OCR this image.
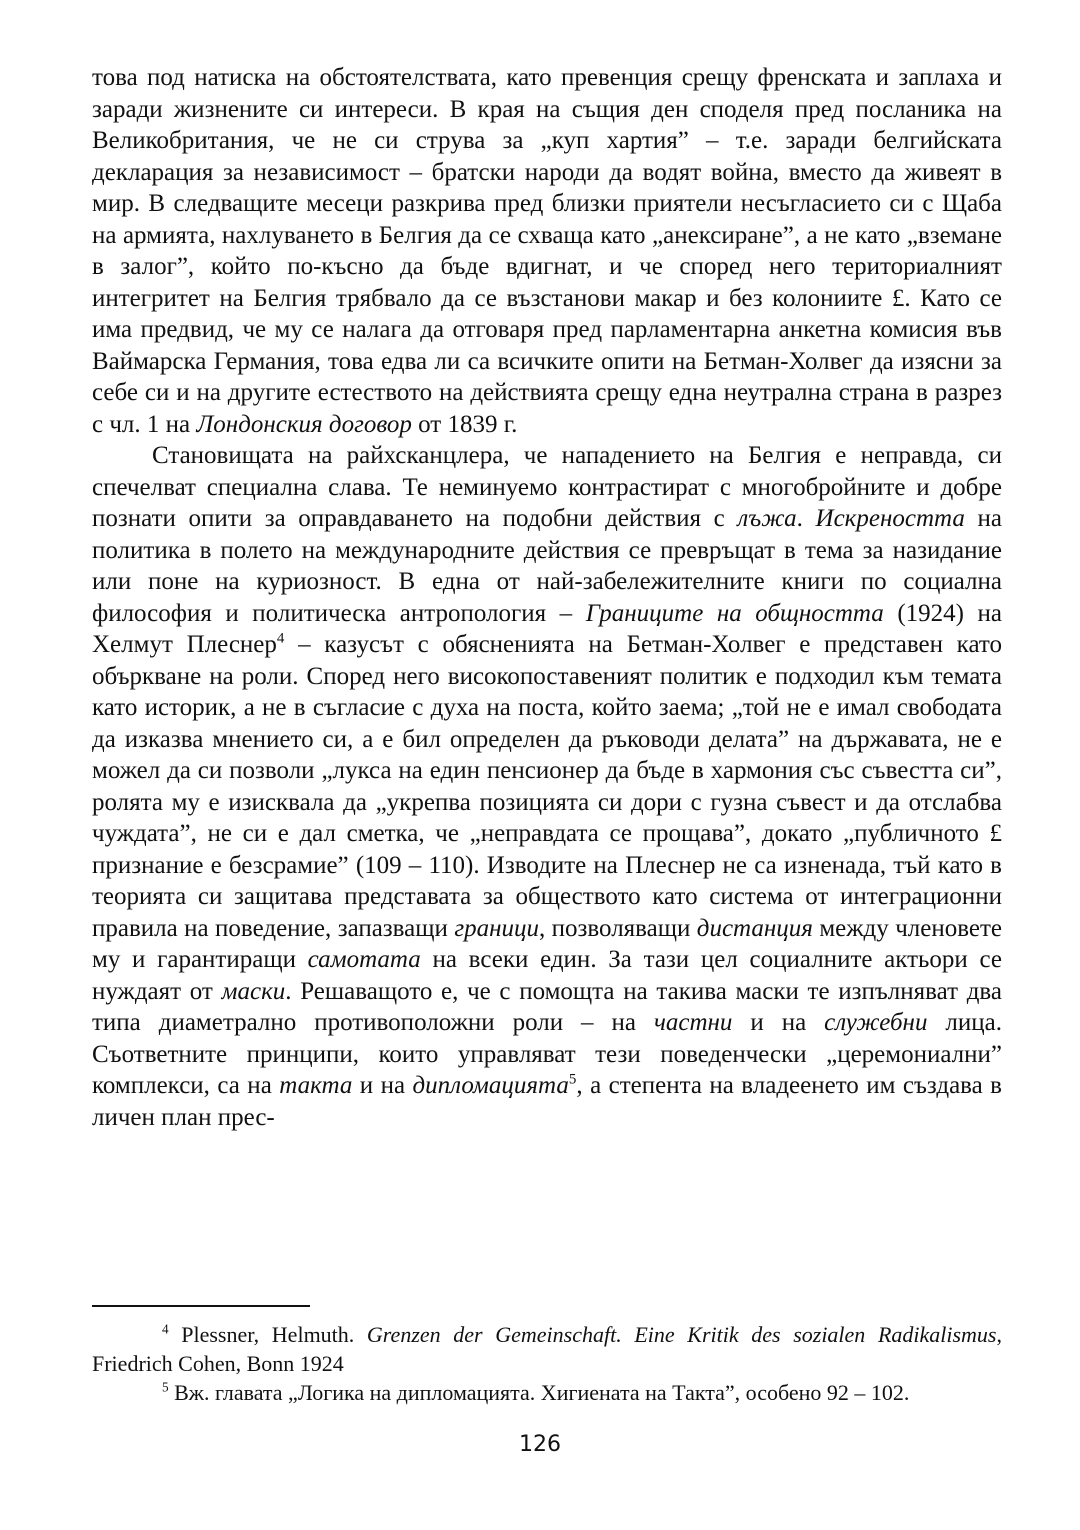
това под натиска на обстоятелствата, като превенция срещу френската и заплаха и заради жизнените си интереси. В края на същия ден споделя пред посланика на Великобритания, че не си струва за „куп хартия” – т.е. заради белгийската декларация за независимост – братски народи да водят война, вместо да живеят в мир. В следващите месеци разкрива пред близки приятели несъгласието си с Щаба на армията, нахлуването в Белгия да се схваща като „анексиране”, а не като „вземане в залог”, който по-късно да бъде вдигнат, и че според него териториалният интегритет на Белгия трябвало да се възстанови макар и без колониите £. Като се има предвид, че му се налага да отговаря пред парламентарна анкетна комисия във Ваймарска Германия, това едва ли са всичките опити на Бетман-Холвег да изясни за себе си и на другите естеството на действията срещу една неутрална страна в разрез с чл. 1 на Лондонския договор от 1839 г.

Становищата на райхсканцлера, че нападението на Белгия е неправда, си спечелват специална слава. Те неминуемо контрастират с многобройните и добре познати опити за оправдаването на подобни действия с лъжа. Искреността на политика в полето на международните действия се превръщат в тема за назидание или поне на куриозност. В една от най-забележителните книги по социална философия и политическа антропология – Границите на общността (1924) на Хелмут Плеснер$^4$ – казусът с обясненията на Бетман-Холвег е представен като объркване на роли. Според него високопоставеният политик е подходил към темата като историк, а не в съгласие с духа на поста, който заема; „той не е имал свободата да изказва мнението си, а е бил определен да ръководи делата” на държавата, не е можел да си позволи „лукса на един пенсионер да бъде в хармония със съвестта си”, ролята му е изисквала да „укрепва позицията си дори с гузна съвест и да отслабва чуждата”, не си е дал сметка, че „неправдата се прощава”, докато „публичното £ признание е безсрамие” (109 – 110). Изводите на Плеснер не са изненада, тъй като в теорията си защитава представата за обществото като система от интеграционни правила на поведение, запазващи граници, позволяващи дистанция между членовете му и гарантиращи самотата на всеки един. За тази цел социалните актьори се нуждаят от маски. Решаващото е, че с помощта на такива маски те изпълняват два типа диаметрално противоположни роли – на частни и на служебни лица. Съответните принципи, които управляват тези поведенчески „церемониални” комплекси, са на такта и на дипломацията$^5$, а степента на владеенето им създава в личен план прес-

$^4$ Plessner, Helmuth. Grenzen der Gemeinschaft. Eine Kritik des sozialen Radikalismus, Friedrich Cohen, Bonn 1924

$^5$ Вж. главата „Логика на дипломацията. Хигиената на Такта”, особено 92 – 102.

126
